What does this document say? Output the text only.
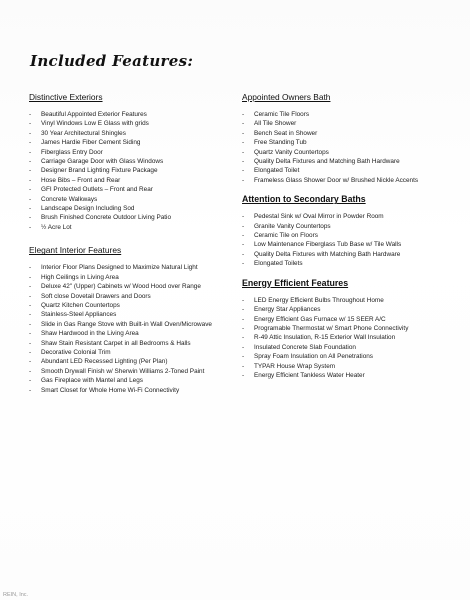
Included Features:
Distinctive Exteriors
- Beautiful Appointed Exterior Features
- Vinyl Windows Low E Glass with grids
- 30 Year Architectural Shingles
- James Hardie Fiber Cement Siding
- Fiberglass Entry Door
- Carriage Garage Door with Glass Windows
- Designer Brand Lighting Fixture Package
- Hose Bibs – Front and Rear
- GFI Protected Outlets – Front and Rear
- Concrete Walkways
- Landscape Design Including Sod
- Brush Finished Concrete Outdoor Living Patio
- ½ Acre Lot
Elegant Interior Features
- Interior Floor Plans Designed to Maximize Natural Light
- High Ceilings in Living Area
- Deluxe 42" (Upper) Cabinets w/ Wood Hood over Range
- Soft close Dovetail Drawers and Doors
- Quartz Kitchen Countertops
- Stainless-Steel Appliances
- Slide in Gas Range Stove with Built-in Wall Oven/Microwave
- Shaw Hardwood in the Living Area
- Shaw Stain Resistant Carpet in all Bedrooms & Halls
- Decorative Colonial Trim
- Abundant LED Recessed Lighting (Per Plan)
- Smooth Drywall Finish w/ Sherwin Williams 2-Toned Paint
- Gas Fireplace with Mantel and Legs
- Smart Closet for Whole Home Wi-Fi Connectivity
Appointed Owners Bath
- Ceramic Tile Floors
- All Tile Shower
- Bench Seat in Shower
- Free Standing Tub
- Quartz Vanity Countertops
- Quality Delta Fixtures and Matching Bath Hardware
- Elongated Toilet
- Frameless Glass Shower Door w/ Brushed Nickle Accents
Attention to Secondary Baths
- Pedestal Sink w/ Oval Mirror in Powder Room
- Granite Vanity Countertops
- Ceramic Tile on Floors
- Low Maintenance Fiberglass Tub Base w/ Tile Walls
- Quality Delta Fixtures with Matching Bath Hardware
- Elongated Toilets
Energy Efficient Features
- LED Energy Efficient Bulbs Throughout Home
- Energy Star Appliances
- Energy Efficient Gas Furnace w/ 15 SEER A/C
- Programable Thermostat w/ Smart Phone Connectivity
- R-49 Attic Insulation, R-15 Exterior Wall Insulation
- Insulated Concrete Slab Foundation
- Spray Foam Insulation on All Penetrations
- TYPAR House Wrap System
- Energy Efficient Tankless Water Heater
REIN, Inc.
